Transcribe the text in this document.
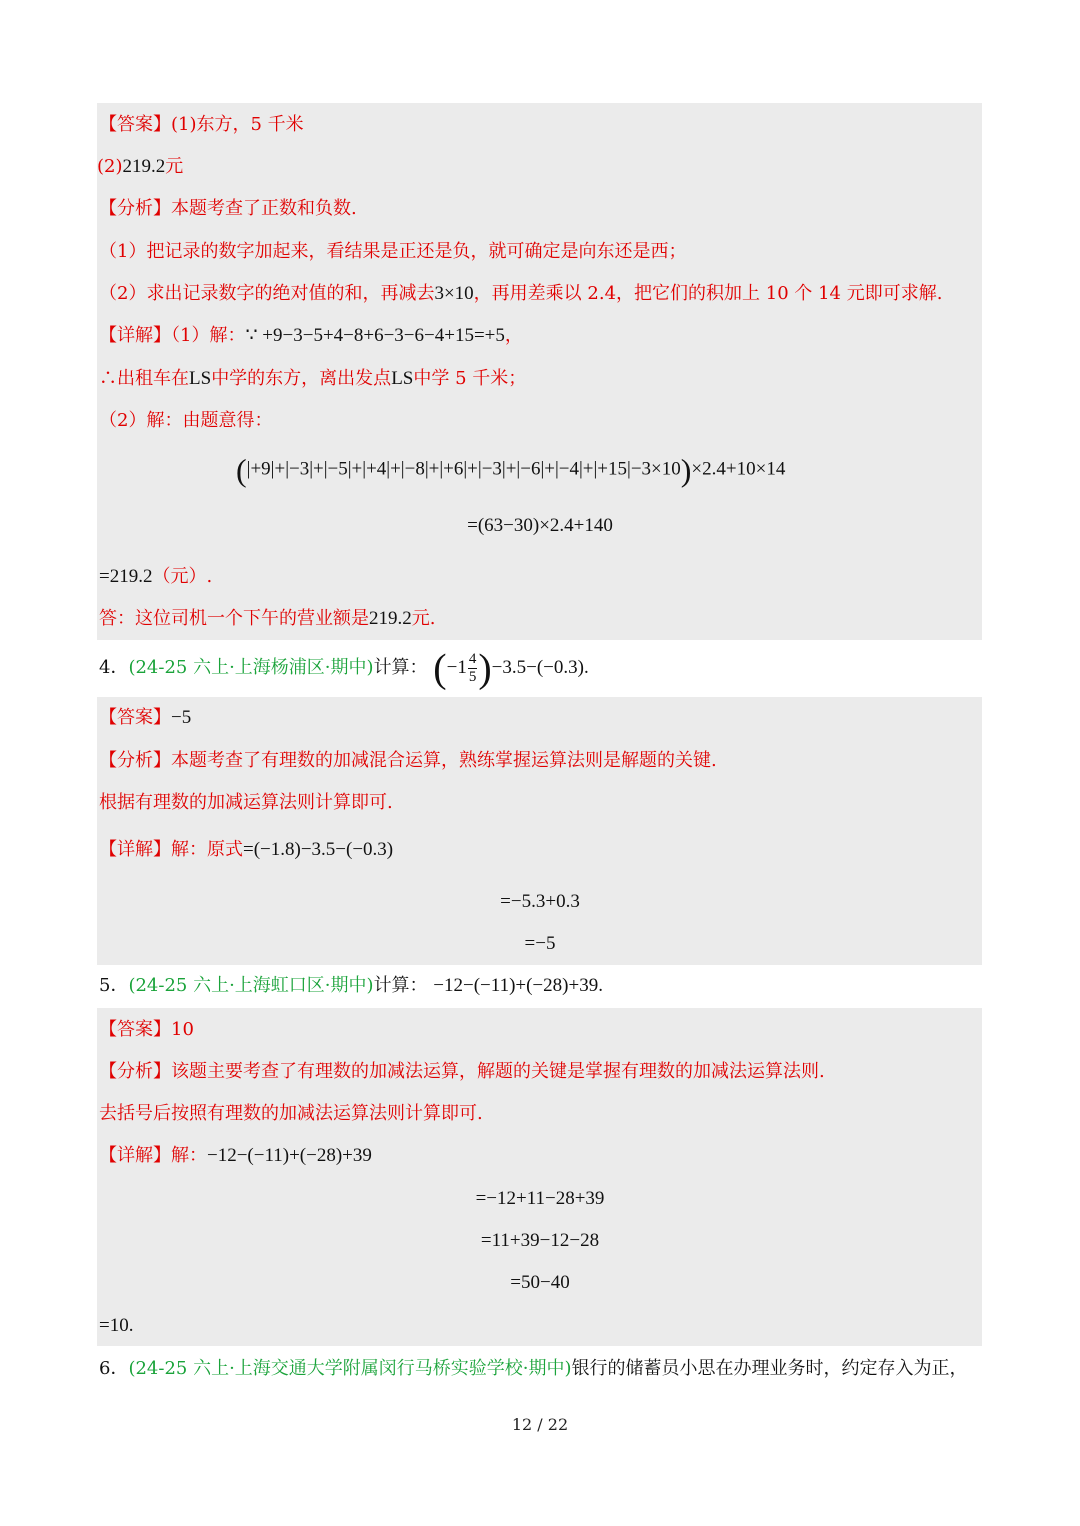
【答案】(1)东方，5 千米
(2)219.2元
【分析】本题考查了正数和负数.
（1）把记录的数字加起来，看结果是正还是负，就可确定是向东还是西；
（2）求出记录数字的绝对值的和，再减去3×10，再用差乘以 2.4，把它们的积加上 10 个 14 元即可求解.
【详解】（1）解：∵ +9−3−5+4−8+6−3−6−4+15=+5，
∴出租车在LS中学的东方，离出发点LS中学 5 千米；
（2）解：由题意得：
(|+9|+|−3|+|−5|+|+4|+|−8|+|+6|+|−3|+|−6|+|−4|+|+15|−3×10)×2.4+10×14
=(63−30)×2.4+140
=219.2（元）.
答：这位司机一个下午的营业额是219.2元.
4．(24-25 六上·上海杨浦区·期中)计算： $(-1 \frac{4}{5} )-3.5-(-0.3)$.
【答案】−5
【分析】本题考查了有理数的加减混合运算，熟练掌握运算法则是解题的关键.
根据有理数的加减运算法则计算即可.
【详解】解：原式=(−1.8)−3.5−(−0.3)
=−5.3+0.3
=−5
5．(24-25 六上·上海虹口区·期中)计算： −12−(−11)+(−28)+39.
【答案】10
【分析】该题主要考查了有理数的加减法运算，解题的关键是掌握有理数的加减法运算法则.
去括号后按照有理数的加减法运算法则计算即可.
【详解】解：−12−(−11)+(−28)+39
=−12+11−28+39
=11+39−12−28
=50−40
=10.
6．(24-25 六上·上海交通大学附属闵行马桥实验学校·期中)银行的储蓄员小思在办理业务时，约定存入为正，
12 / 22
